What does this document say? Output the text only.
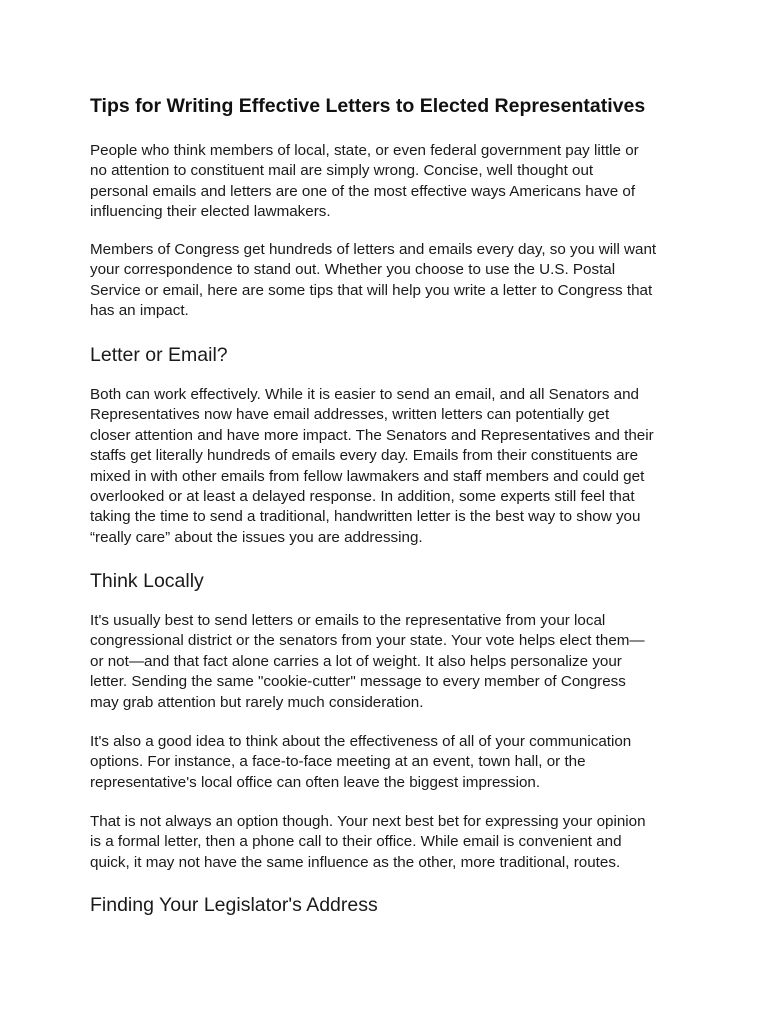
Tips for Writing Effective Letters to Elected Representatives

People who think members of local, state, or even federal government pay little or
no attention to constituent mail are simply wrong. Concise, well thought out
personal emails and letters are one of the most effective ways Americans have of
influencing their elected lawmakers.

Members of Congress get hundreds of letters and emails every day, so you will want
your correspondence to stand out. Whether you choose to use the U.S. Postal
Service or email, here are some tips that will help you write a letter to Congress that
has an impact.

Letter or Email?

Both can work effectively. While it is easier to send an email, and all Senators and
Representatives now have email addresses, written letters can potentially get
closer attention and have more impact. The Senators and Representatives and their
staffs get literally hundreds of emails every day. Emails from their constituents are
mixed in with other emails from fellow lawmakers and staff members and could get
overlooked or at least a delayed response. In addition, some experts still feel that
taking the time to send a traditional, handwritten letter is the best way to show you
“really care” about the issues you are addressing.

Think Locally

It's usually best to send letters or emails to the representative from your local
congressional district or the senators from your state. Your vote helps elect them—
or not—and that fact alone carries a lot of weight. It also helps personalize your
letter. Sending the same "cookie-cutter" message to every member of Congress
may grab attention but rarely much consideration.

It's also a good idea to think about the effectiveness of all of your communication
options. For instance, a face-to-face meeting at an event, town hall, or the
representative's local office can often leave the biggest impression.

That is not always an option though. Your next best bet for expressing your opinion
is a formal letter, then a phone call to their office. While email is convenient and
quick, it may not have the same influence as the other, more traditional, routes.

Finding Your Legislator's Address
